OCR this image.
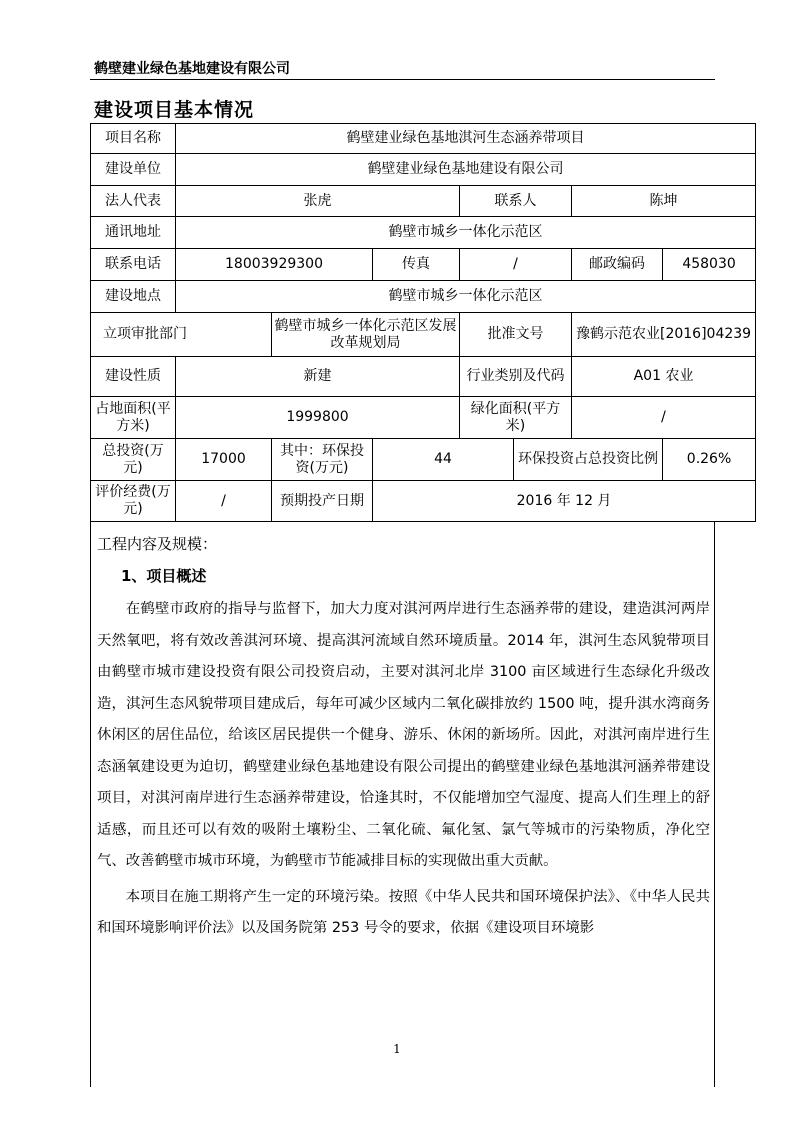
鹤壁建业绿色基地建设有限公司
建设项目基本情况
项目名称	鹤壁建业绿色基地淇河生态涵养带项目						
建设单位	鹤壁建业绿色基地建设有限公司						
法人代表	张虎			联系人		陈坤	
通讯地址	鹤壁市城乡一体化示范区						
联系电话	18003929300		传真	/		邮政编码	458030
建设地点	鹤壁市城乡一体化示范区						
立项审批部门		鹤壁市城乡一体化示范区发展改革规划局		批准文号		豫鹤示范农业[2016]04239	
建设性质	新建			行业类别及代码		A01 农业	
占地面积(平方米)	1999800			绿化面积(平方米)		/	
总投资(万元)	17000	其中：环保投资(万元)	44		环保投资占总投资比例		0.26%
评价经费(万元)	/	预期投产日期	2016 年 12 月				
工程内容及规模：
1、项目概述

在鹤壁市政府的指导与监督下，加大力度对淇河两岸进行生态涵养带的建设，建造淇河两岸天然氧吧，将有效改善淇河环境、提高淇河流域自然环境质量。2014 年，淇河生态风貌带项目由鹤壁市城市建设投资有限公司投资启动，主要对淇河北岸 3100 亩区域进行生态绿化升级改造，淇河生态风貌带项目建成后，每年可减少区域内二氧化碳排放约 1500 吨，提升淇水湾商务休闲区的居住品位，给该区居民提供一个健身、游乐、休闲的新场所。因此，对淇河南岸进行生态涵氧建设更为迫切，鹤壁建业绿色基地建设有限公司提出的鹤壁建业绿色基地淇河涵养带建设项目，对淇河南岸进行生态涵养带建设，恰逢其时，不仅能增加空气湿度、提高人们生理上的舒适感，而且还可以有效的吸附土壤粉尘、二氧化硫、氟化氢、氯气等城市的污染物质，净化空气、改善鹤壁市城市环境，为鹤壁市节能减排目标的实现做出重大贡献。

本项目在施工期将产生一定的环境污染。按照《中华人民共和国环境保护法》、《中华人民共和国环境影响评价法》以及国务院第 253 号令的要求，依据《建设项目环境影

1
